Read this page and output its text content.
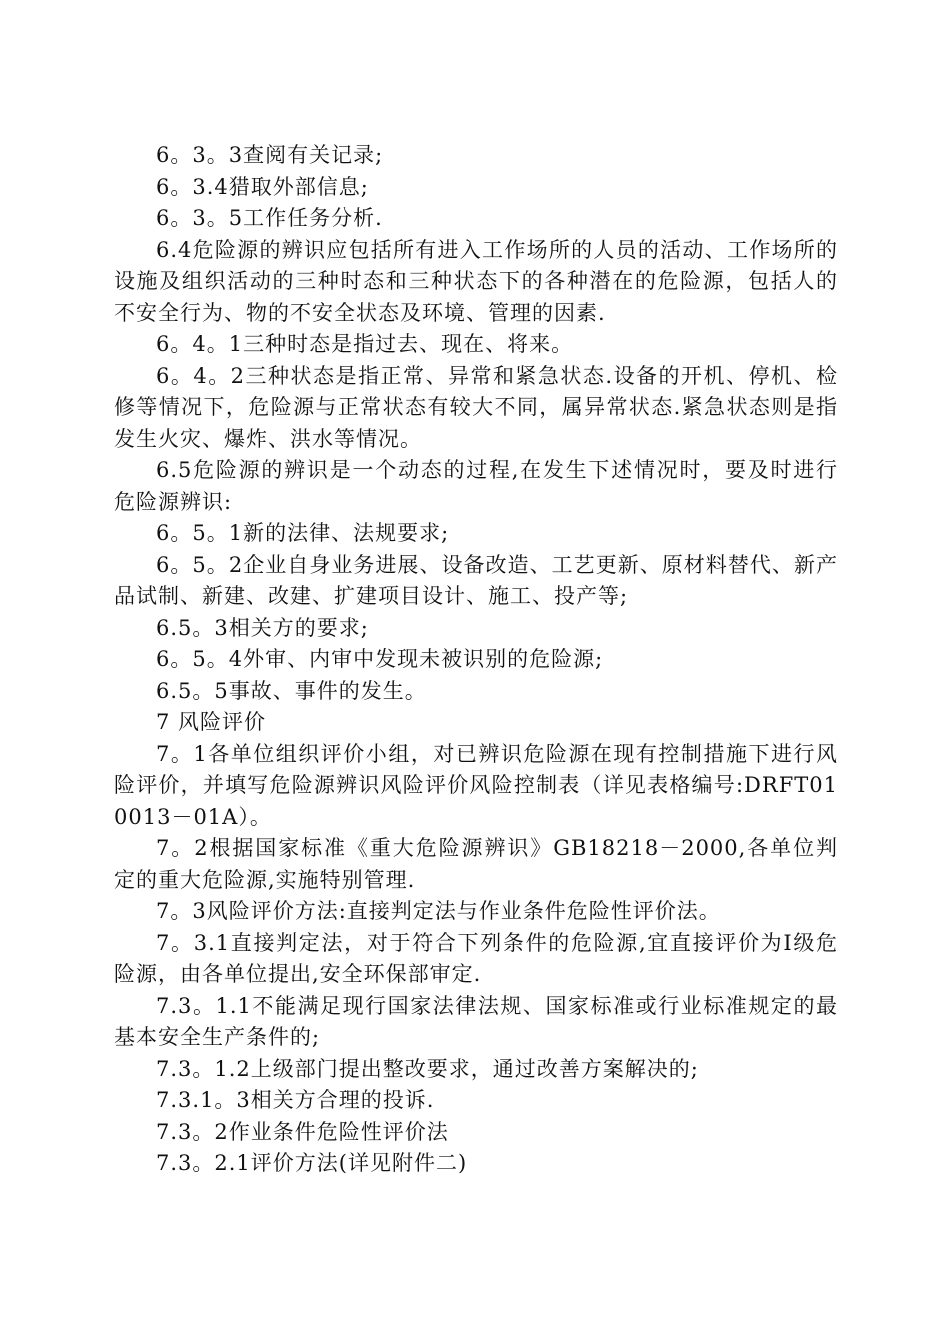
6。3。3查阅有关记录;

6。3.4猎取外部信息;

6。3。5工作任务分析.

6.4危险源的辨识应包括所有进入工作场所的人员的活动、工作场所的设施及组织活动的三种时态和三种状态下的各种潜在的危险源，包括人的不安全行为、物的不安全状态及环境、管理的因素.

6。4。1三种时态是指过去、现在、将来。

6。4。2三种状态是指正常、异常和紧急状态.设备的开机、停机、检修等情况下，危险源与正常状态有较大不同，属异常状态.紧急状态则是指发生火灾、爆炸、洪水等情况。

6.5危险源的辨识是一个动态的过程,在发生下述情况时，要及时进行危险源辨识:

6。5。1新的法律、法规要求;

6。5。2企业自身业务进展、设备改造、工艺更新、原材料替代、新产品试制、新建、改建、扩建项目设计、施工、投产等;

6.5。3相关方的要求;

6。5。4外审、内审中发现未被识别的危险源;

6.5。5事故、事件的发生。

7 风险评价

7。1各单位组织评价小组，对已辨识危险源在现有控制措施下进行风险评价，并填写危险源辨识风险评价风险控制表（详见表格编号:DRFT010013－01A）。

7。2根据国家标准《重大危险源辨识》GB18218－2000,各单位判定的重大危险源,实施特别管理.

7。3风险评价方法:直接判定法与作业条件危险性评价法。

7。3.1直接判定法，对于符合下列条件的危险源,宜直接评价为Ⅰ级危险源，由各单位提出,安全环保部审定.

7.3。1.1不能满足现行国家法律法规、国家标准或行业标准规定的最基本安全生产条件的;

7.3。1.2上级部门提出整改要求，通过改善方案解决的;

7.3.1。3相关方合理的投诉.

7.3。2作业条件危险性评价法

7.3。2.1评价方法(详见附件二)
